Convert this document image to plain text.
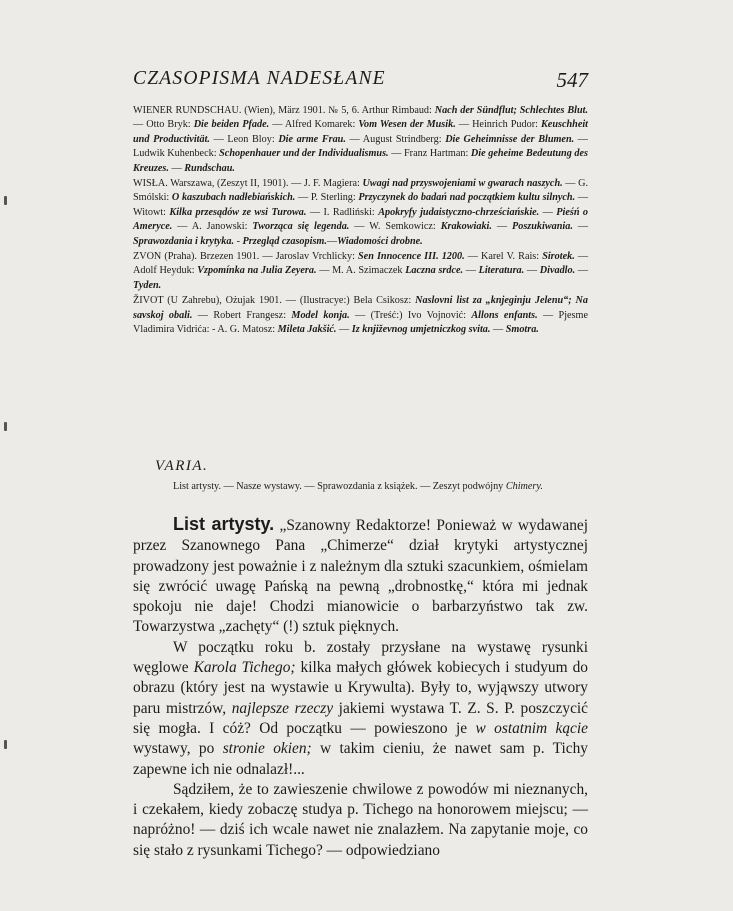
CZASOPISMA NADESŁANE	547

WIENER RUNDSCHAU. (Wien), März 1901. № 5, 6. Arthur Rimbaud: Nach der Sündflut; Schlechtes Blut. — Otto Bryk: Die beiden Pfade. — Alfred Komarek: Vom Wesen der Musik. — Heinrich Pudor: Keuschheit und Productivität. — Leon Bloy: Die arme Frau. — August Strindberg: Die Geheimnisse der Blumen. — Ludwik Kuhenbeck: Schopenhauer und der Individualismus. — Franz Hartman: Die geheime Bedeutung des Kreuzes. — Rundschau.

WISŁA. Warszawa, (Zeszyt II, 1901). — J. F. Magiera: Uwagi nad przyswojeniami w gwarach naszych. — G. Smólski: O kaszubach nadłebiańskich. — P. Sterling: Przyczynek do badań nad początkiem kultu silnych. — Witowt: Kilka przesądów ze wsi Turowa. — I. Radliński: Apokryfy judaistyczno-chrześciańskie. — Pieśń o Ameryce. — A. Janowski: Tworząca się legenda. — W. Semkowicz: Krakowiaki. — Poszukiwania. — Sprawozdania i krytyka. - Przegląd czasopism.—Wiadomości drobne.

ZVON (Praha). Brzezen 1901. — Jaroslav Vrchlicky: Sen Innocence III. 1200. — Karel V. Rais: Sirotek. — Adolf Heyduk: Vzpomínka na Julia Zeyera. — M. A. Szimaczek Laczna srdce. — Literatura. — Divadlo. — Tyden.

ŽIVOT (U Zahrebu), Ożujak 1901. — (Ilustracye:) Bela Csikosz: Naslovni list za „knjeginju Jelenu“; Na savskoj obali. — Robert Frangesz: Model konja. — (Treść:) Ivo Vojnović: Allons enfants. — Pjesme Vladimira Vidrića: - A. G. Matosz: Mileta Jakšić. — Iz književnog umjetniczkog svita. — Smotra.

VARIA.
List artysty. — Nasze wystawy. — Sprawozdania z książek. — Zeszyt podwójny Chimery.

List artysty. „Szanowny Redaktorze! Ponieważ w wydawanej przez Szanownego Pana „Chimerze“ dział krytyki artystycznej prowadzony jest poważnie i z należnym dla sztuki szacunkiem, ośmielam się zwrócić uwagę Pańską na pewną „drobnostkę,“ która mi jednak spokoju nie daje! Chodzi mianowicie o barbarzyństwo tak zw. Towarzystwa „zachęty“ (!) sztuk pięknych.

W początku roku b. zostały przysłane na wystawę rysunki węglowe Karola Tichego; kilka małych główek kobiecych i studyum do obrazu (który jest na wystawie u Krywulta). Były to, wyjąwszy utwory paru mistrzów, najlepsze rzeczy jakiemi wystawa T. Z. S. P. poszczycić się mogła. I cóż? Od początku — powieszono je w ostatnim kącie wystawy, po stronie okien; w takim cieniu, że nawet sam p. Tichy zapewne ich nie odnalazł!...

Sądziłem, że to zawieszenie chwilowe z powodów mi nieznanych, i czekałem, kiedy zobaczę studya p. Tichego na honorowem miejscu; — napróżno! — dziś ich wcale nawet nie znalazłem. Na zapytanie moje, co się stało z rysunkami Tichego? — odpowiedziano
